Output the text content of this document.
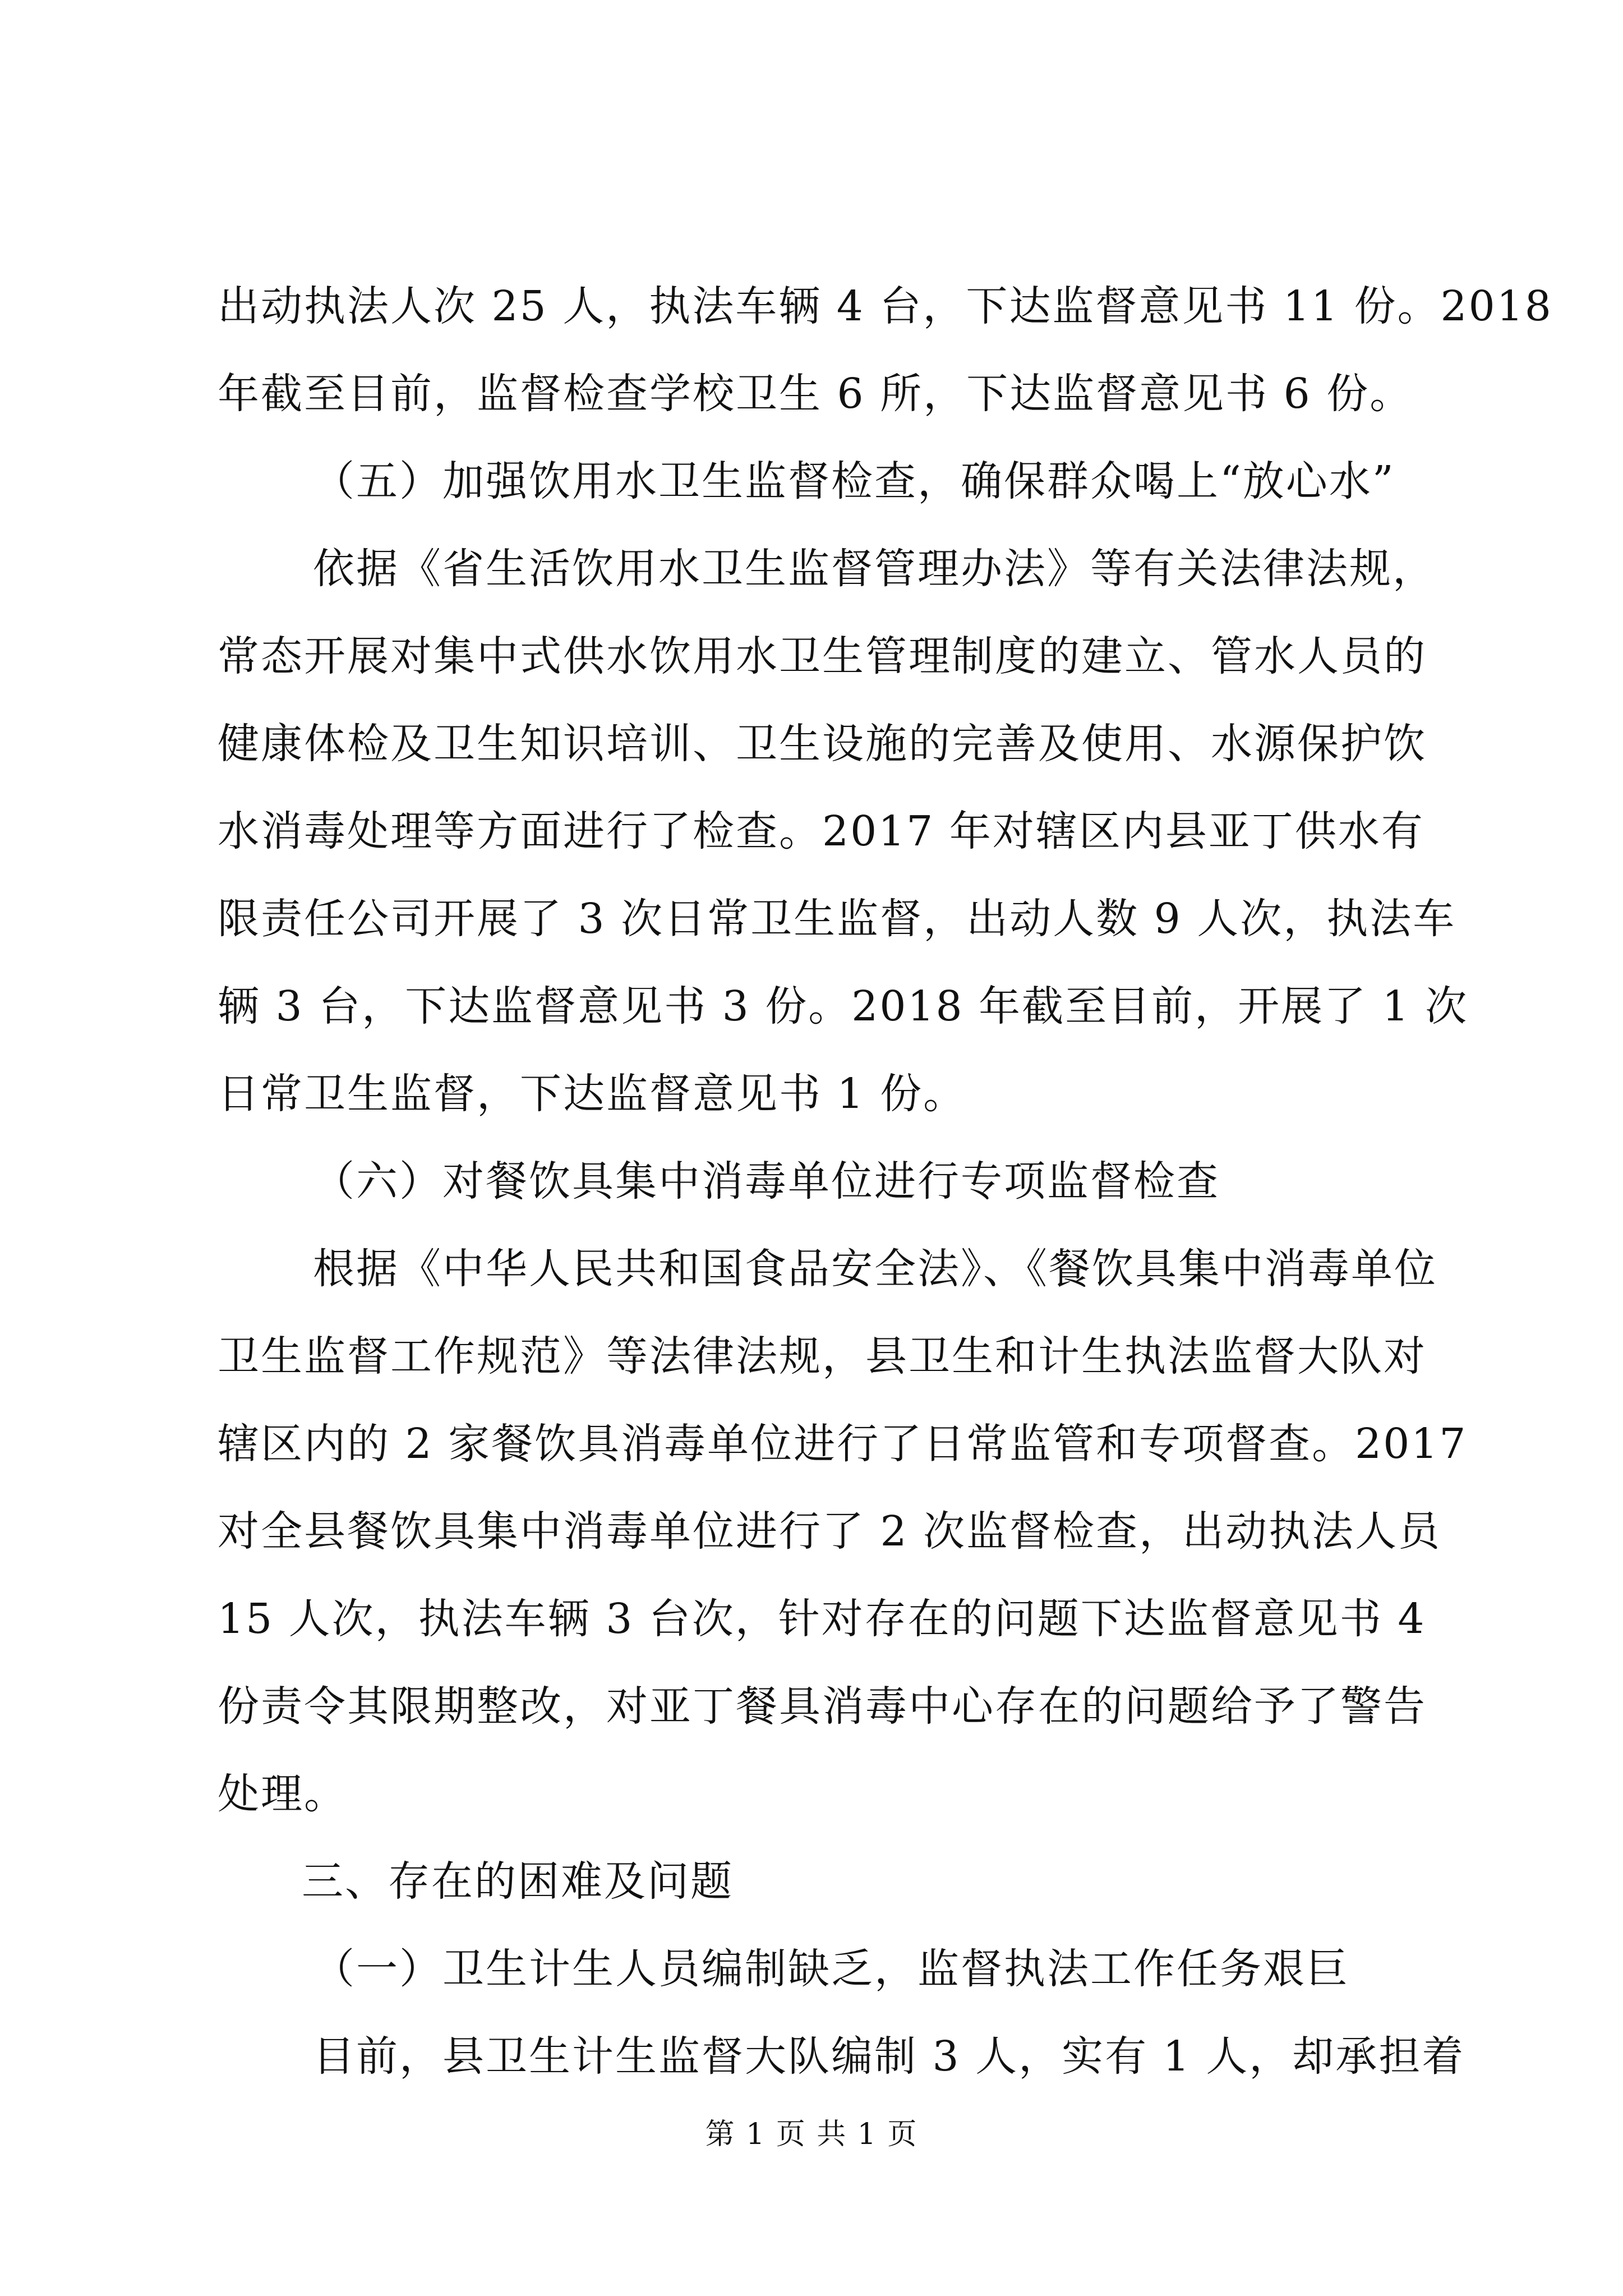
出动执法人次 25 人，执法车辆 4 台，下达监督意见书 11 份。2018
年截至目前，监督检查学校卫生 6 所，下达监督意见书 6 份。
（五）加强饮用水卫生监督检查，确保群众喝上“放心水”
依据《省生活饮用水卫生监督管理办法》等有关法律法规，
常态开展对集中式供水饮用水卫生管理制度的建立、管水人员的
健康体检及卫生知识培训、卫生设施的完善及使用、水源保护饮
水消毒处理等方面进行了检查。2017 年对辖区内县亚丁供水有
限责任公司开展了 3 次日常卫生监督，出动人数 9 人次，执法车
辆 3 台，下达监督意见书 3 份。2018 年截至目前，开展了 1 次
日常卫生监督，下达监督意见书 1 份。
（六）对餐饮具集中消毒单位进行专项监督检查
根据《中华人民共和国食品安全法》、《餐饮具集中消毒单位
卫生监督工作规范》等法律法规，县卫生和计生执法监督大队对
辖区内的 2 家餐饮具消毒单位进行了日常监管和专项督查。2017
对全县餐饮具集中消毒单位进行了 2 次监督检查，出动执法人员
15 人次，执法车辆 3 台次，针对存在的问题下达监督意见书 4
份责令其限期整改，对亚丁餐具消毒中心存在的问题给予了警告
处理。
三、存在的困难及问题
（一）卫生计生人员编制缺乏，监督执法工作任务艰巨
目前，县卫生计生监督大队编制 3 人，实有 1 人，却承担着
第 1 页 共 1 页
